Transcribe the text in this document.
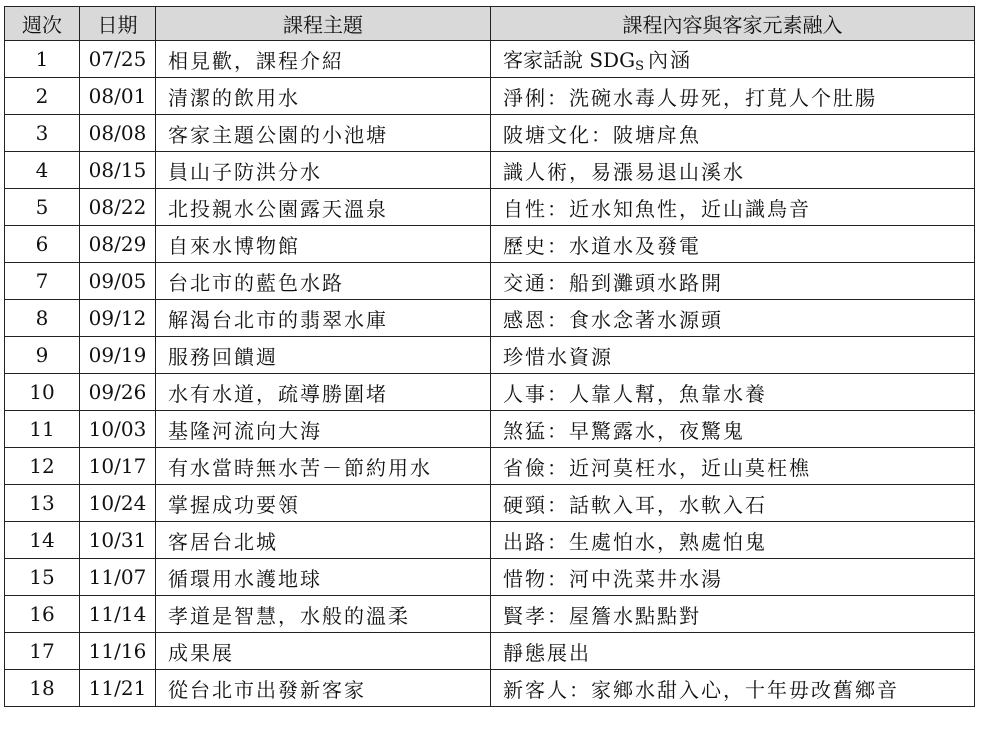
週次	日期	課程主題	課程內容與客家元素融入
1	07/25	相見歡，課程介紹	客家話說 $SDG_S$ 內涵
2	08/01	清潔的飲用水	淨俐：洗碗水毒人毋死，打莧人个肚腸
3	08/08	客家主題公園的小池塘	陂塘文化：陂塘戽魚
4	08/15	員山子防洪分水	識人術，易漲易退山溪水
5	08/22	北投親水公園露天溫泉	自性：近水知魚性，近山識鳥音
6	08/29	自來水博物館	歷史：水道水及發電
7	09/05	台北市的藍色水路	交通：船到灘頭水路開
8	09/12	解渴台北市的翡翠水庫	感恩：食水念著水源頭
9	09/19	服務回饋週	珍惜水資源
10	09/26	水有水道，疏導勝圍堵	人事：人靠人幫，魚靠水養
11	10/03	基隆河流向大海	煞猛：早驚露水，夜驚鬼
12	10/17	有水當時無水苦－節約用水	省儉：近河莫枉水，近山莫枉樵
13	10/24	掌握成功要領	硬頸：話軟入耳，水軟入石
14	10/31	客居台北城	出路：生處怕水，熟處怕鬼
15	11/07	循環用水護地球	惜物：河中洗菜井水湯
16	11/14	孝道是智慧，水般的溫柔	賢孝：屋簷水點點對
17	11/16	成果展	靜態展出
18	11/21	從台北市出發新客家	新客人：家鄉水甜入心，十年毋改舊鄉音
